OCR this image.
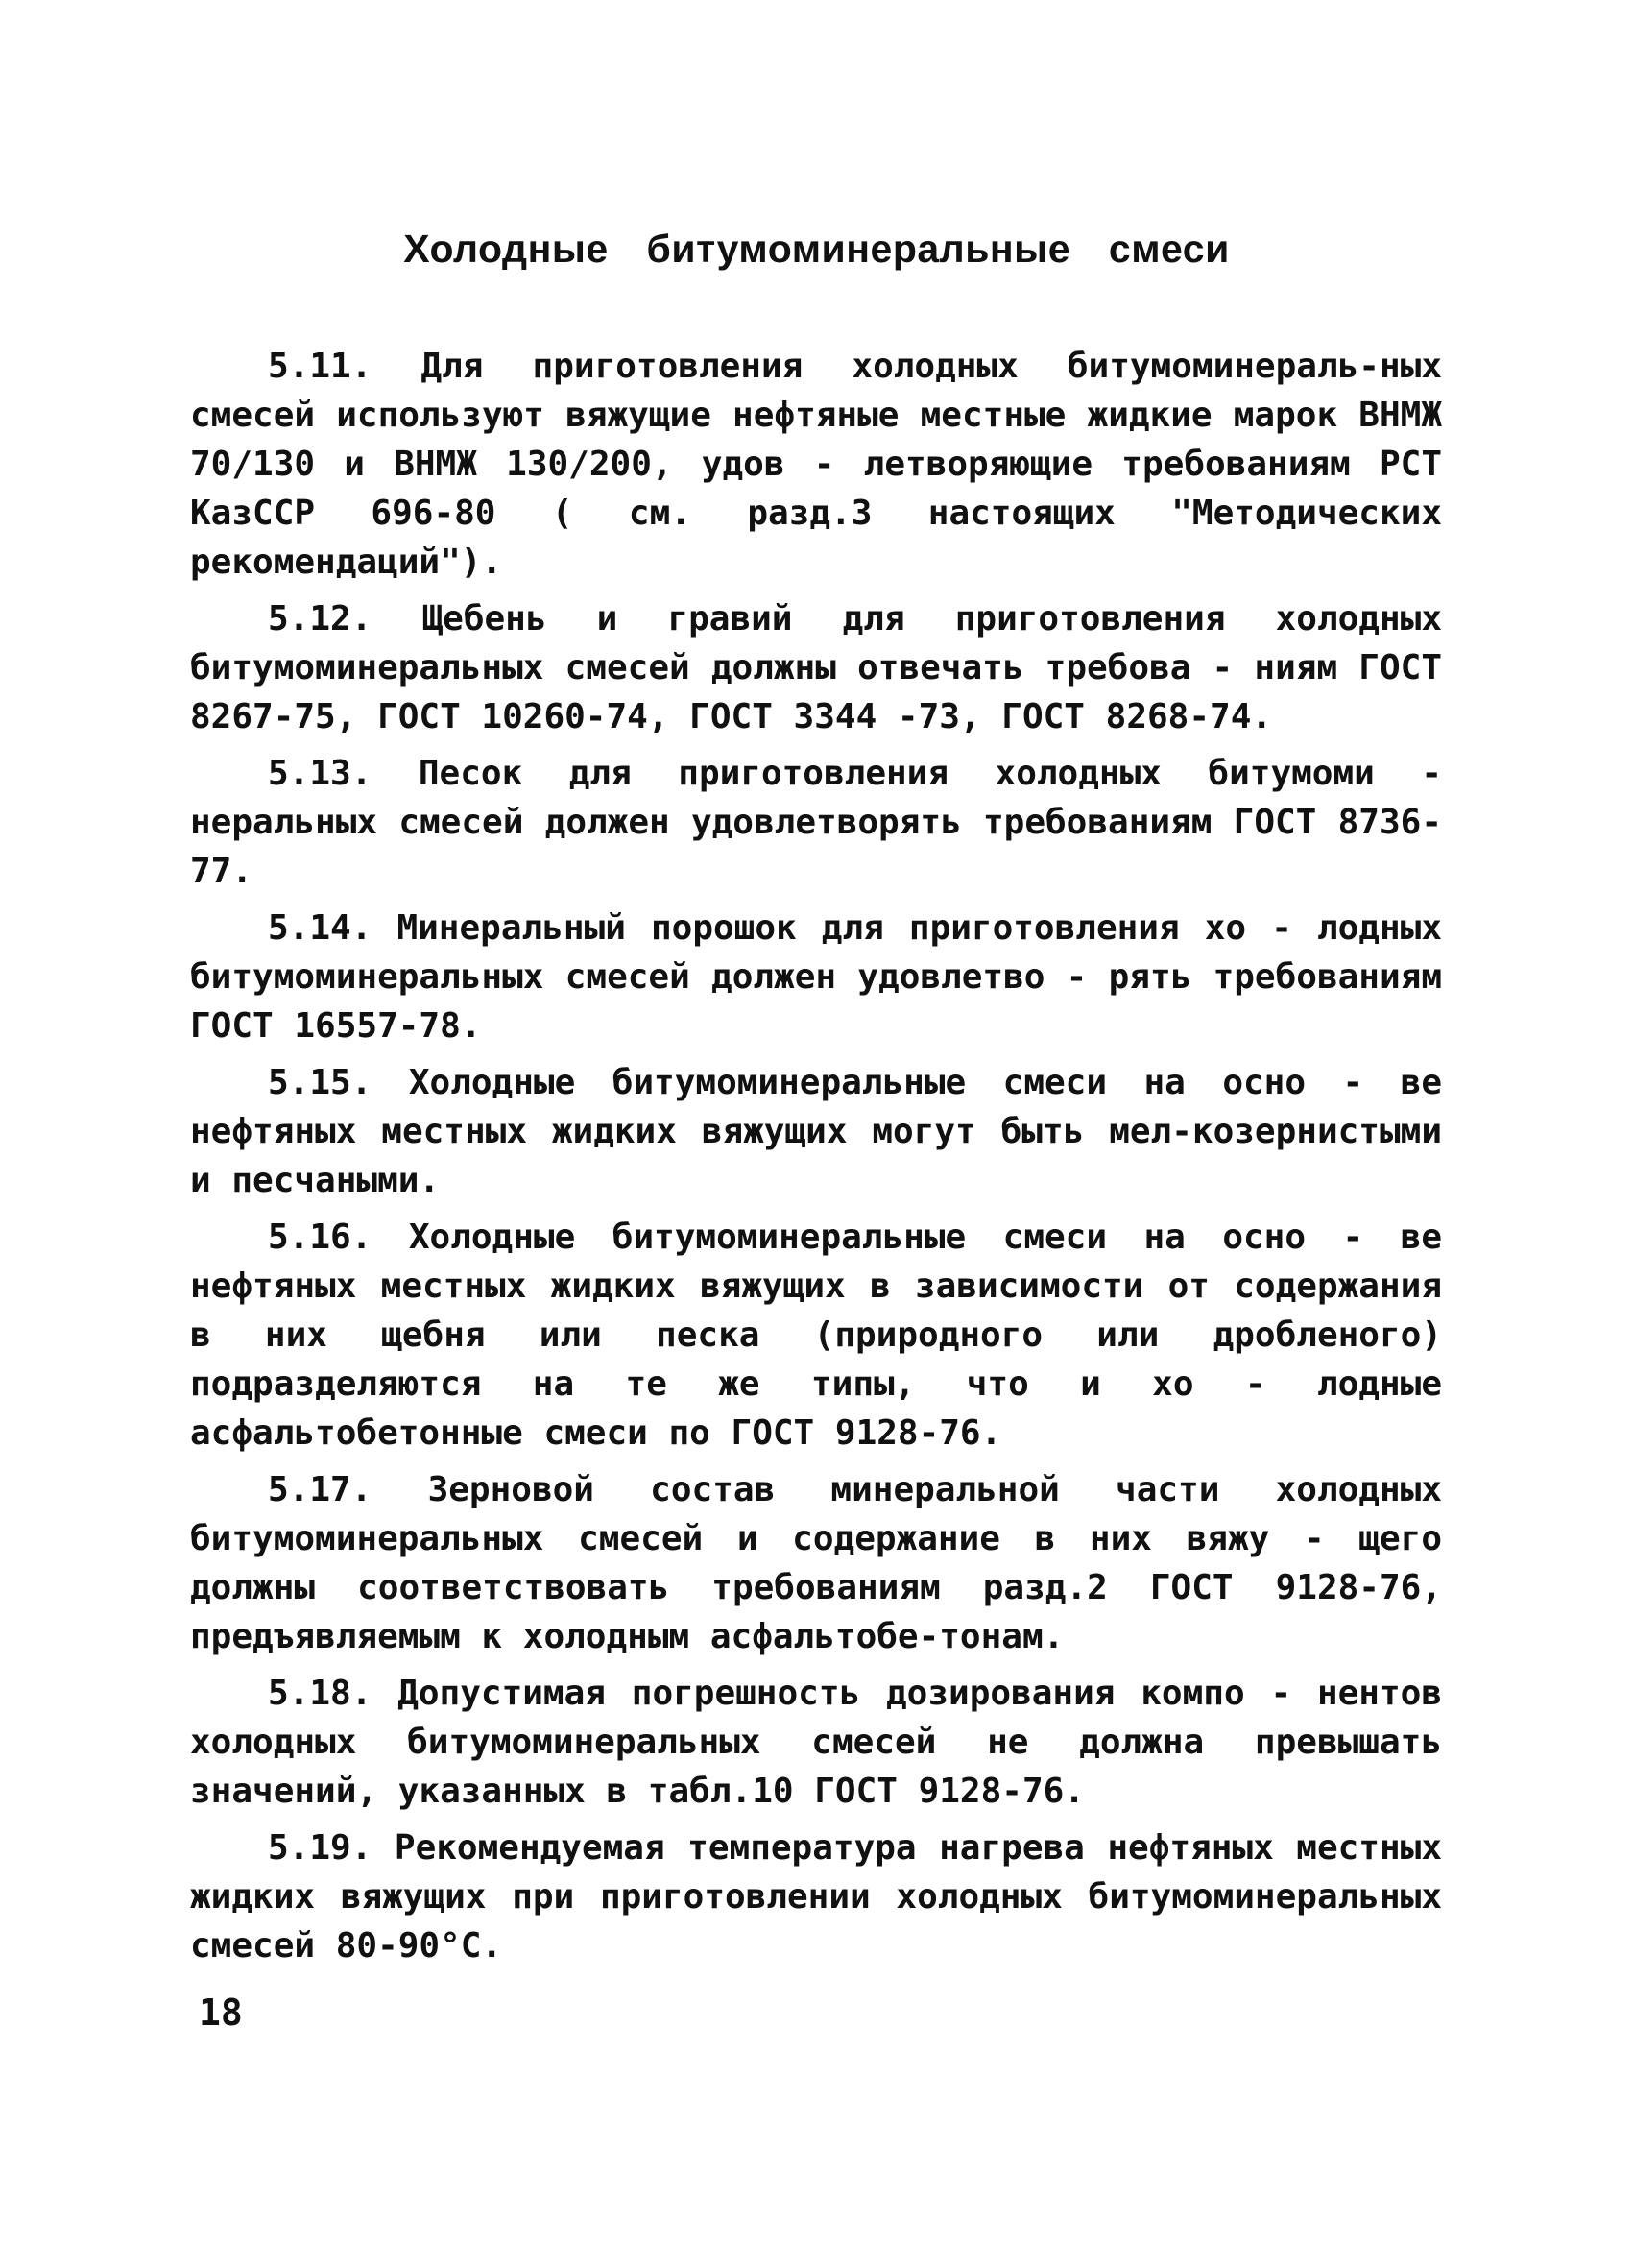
Холодные битумоминеральные смеси

5.11. Для приготовления холодных битумоминераль-ных смесей используют вяжущие нефтяные местные жидкие марок ВНМЖ 70/130 и ВНМЖ 130/200, удов - летворяющие требованиям РСТ КазССР 696-80 ( см. разд.3 настоящих "Методических рекомендаций").

5.12. Щебень и гравий для приготовления холодных битумоминеральных смесей должны отвечать требова - ниям ГОСТ 8267-75, ГОСТ 10260-74, ГОСТ 3344 -73, ГОСТ 8268-74.

5.13. Песок для приготовления холодных битумоми - неральных смесей должен удовлетворять требованиям ГОСТ 8736-77.

5.14. Минеральный порошок для приготовления хо - лодных битумоминеральных смесей должен удовлетво - рять требованиям ГОСТ 16557-78.

5.15. Холодные битумоминеральные смеси на осно - ве нефтяных местных жидких вяжущих могут быть мел-козернистыми и песчаными.

5.16. Холодные битумоминеральные смеси на осно - ве нефтяных местных жидких вяжущих в зависимости от содержания в них щебня или песка (природного или дробленого) подразделяются на те же типы, что и хо - лодные асфальтобетонные смеси по ГОСТ 9128-76.

5.17. Зерновой состав минеральной части холодных битумоминеральных смесей и содержание в них вяжу - щего должны соответствовать требованиям разд.2 ГОСТ 9128-76, предъявляемым к холодным асфальтобе-тонам.

5.18. Допустимая погрешность дозирования компо - нентов холодных битумоминеральных смесей не должна превышать значений, указанных в табл.10 ГОСТ 9128-76.

5.19. Рекомендуемая температура нагрева нефтяных местных жидких вяжущих при приготовлении холодных битумоминеральных смесей 80-90°С.

18
